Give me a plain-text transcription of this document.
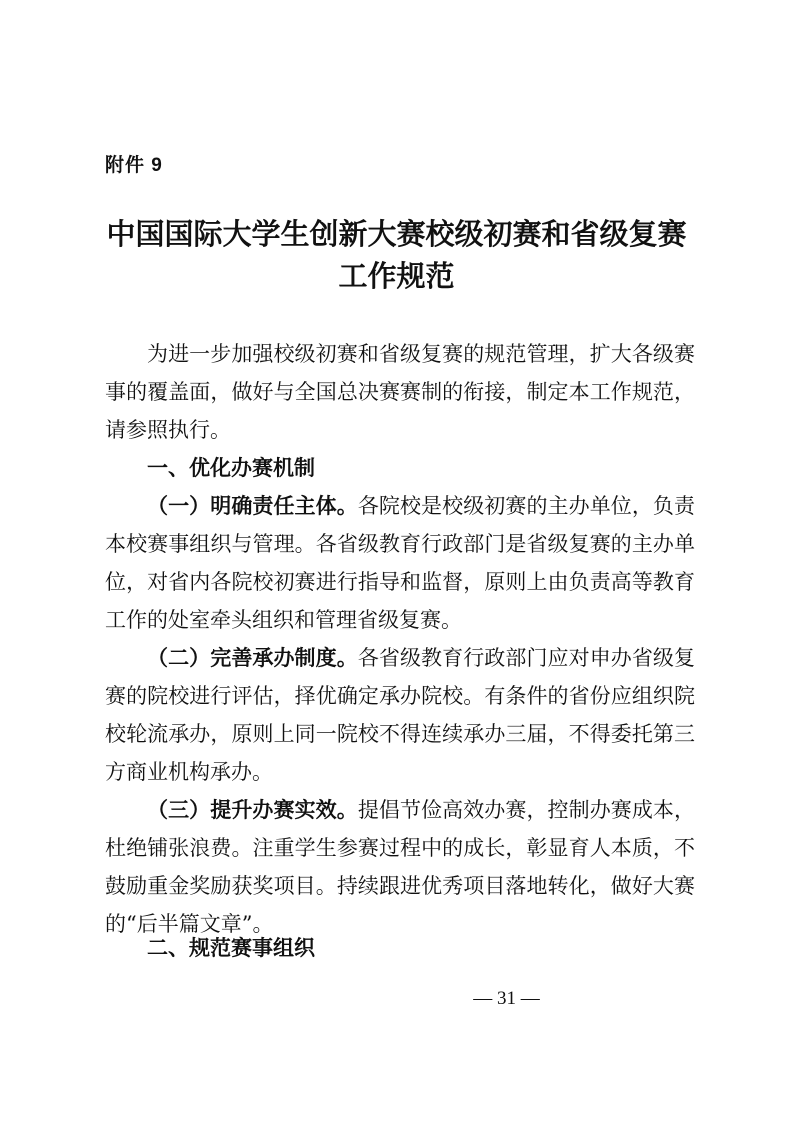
附件 9
中国国际大学生创新大赛校级初赛和省级复赛
工作规范

为进一步加强校级初赛和省级复赛的规范管理，扩大各级赛事的覆盖面，做好与全国总决赛赛制的衔接，制定本工作规范，请参照执行。

一、优化办赛机制

（一）明确责任主体。各院校是校级初赛的主办单位，负责本校赛事组织与管理。各省级教育行政部门是省级复赛的主办单位，对省内各院校初赛进行指导和监督，原则上由负责高等教育工作的处室牵头组织和管理省级复赛。

（二）完善承办制度。各省级教育行政部门应对申办省级复赛的院校进行评估，择优确定承办院校。有条件的省份应组织院校轮流承办，原则上同一院校不得连续承办三届，不得委托第三方商业机构承办。

（三）提升办赛实效。提倡节俭高效办赛，控制办赛成本，杜绝铺张浪费。注重学生参赛过程中的成长，彰显育人本质，不鼓励重金奖励获奖项目。持续跟进优秀项目落地转化，做好大赛的“后半篇文章”。

二、规范赛事组织

— 31 —
